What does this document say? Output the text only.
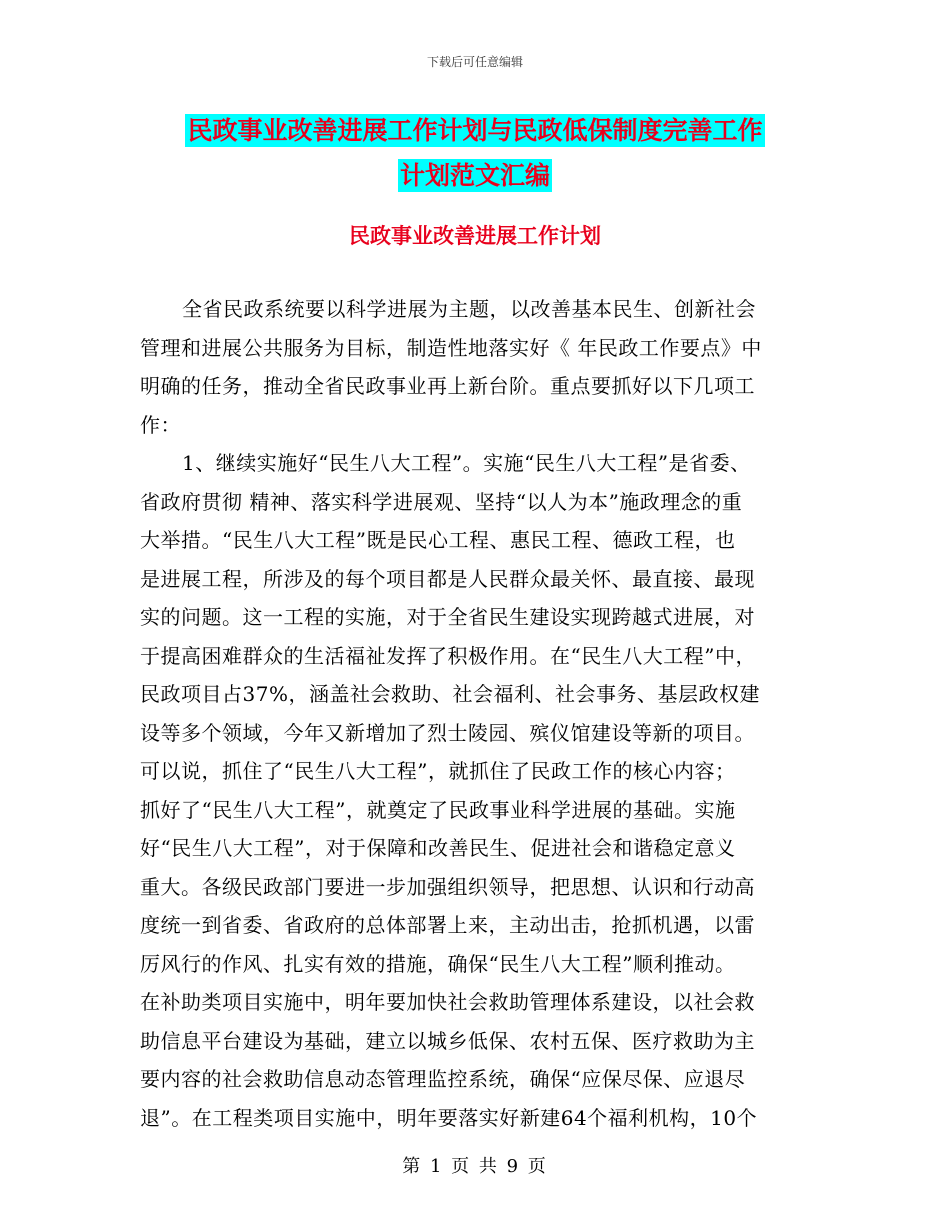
下载后可任意编辑
民政事业改善进展工作计划与民政低保制度完善工作
计划范文汇编
民政事业改善进展工作计划
全省民政系统要以科学进展为主题，以改善基本民生、创新社会
管理和进展公共服务为目标，制造性地落实好《 年民政工作要点》中
明确的任务，推动全省民政事业再上新台阶。重点要抓好以下几项工
作：
1、继续实施好“民生八大工程”。实施“民生八大工程”是省委、
省政府贯彻 精神、落实科学进展观、坚持“以人为本”施政理念的重
大举措。“民生八大工程”既是民心工程、惠民工程、德政工程，也
是进展工程，所涉及的每个项目都是人民群众最关怀、最直接、最现
实的问题。这一工程的实施，对于全省民生建设实现跨越式进展，对
于提高困难群众的生活福祉发挥了积极作用。在“民生八大工程”中，
民政项目占37%，涵盖社会救助、社会福利、社会事务、基层政权建
设等多个领域，今年又新增加了烈士陵园、殡仪馆建设等新的项目。
可以说，抓住了“民生八大工程”，就抓住了民政工作的核心内容；
抓好了“民生八大工程”，就奠定了民政事业科学进展的基础。实施
好“民生八大工程”，对于保障和改善民生、促进社会和谐稳定意义
重大。各级民政部门要进一步加强组织领导，把思想、认识和行动高
度统一到省委、省政府的总体部署上来，主动出击，抢抓机遇，以雷
厉风行的作风、扎实有效的措施，确保“民生八大工程”顺利推动。
在补助类项目实施中，明年要加快社会救助管理体系建设，以社会救
助信息平台建设为基础，建立以城乡低保、农村五保、医疗救助为主
要内容的社会救助信息动态管理监控系统，确保“应保尽保、应退尽
退”。在工程类项目实施中，明年要落实好新建64个福利机构，10个
第 1 页 共 9 页
